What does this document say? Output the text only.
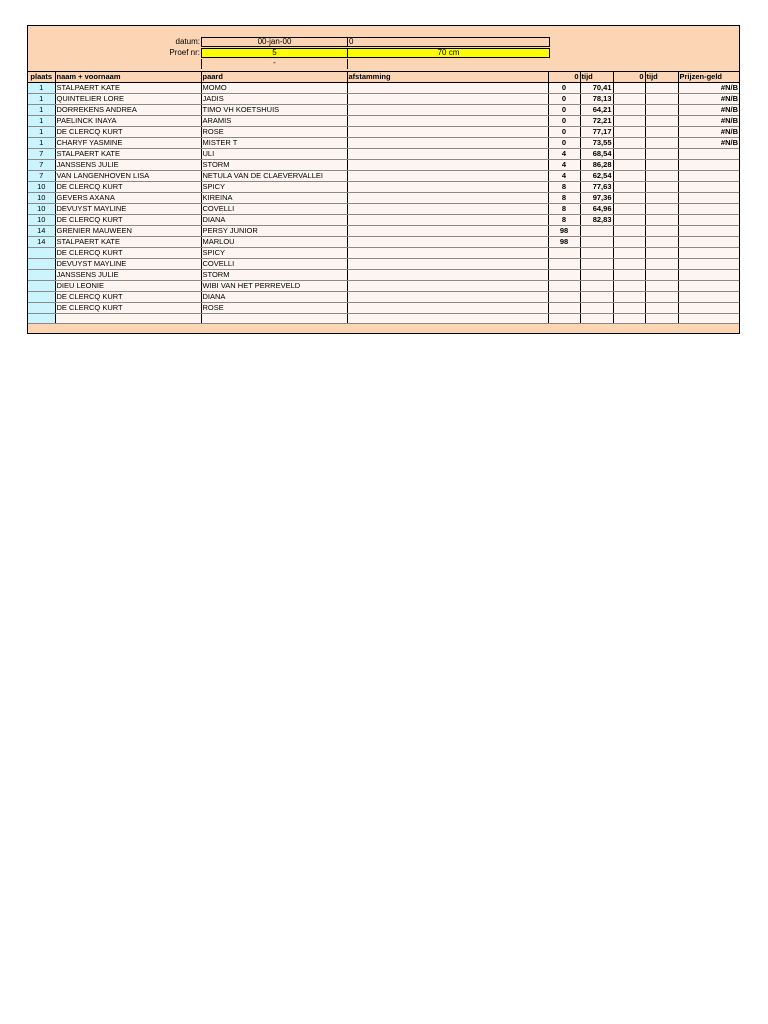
datum:	00-jan-00	0
Proef nr:	5	70 cm
-
plaats	naam + voornaam	paard	afstamming	0	tijd	0	tijd	Prijzen-geld
1	STALPAERT KATE	MOMO		0	70,41			#N/B
1	QUINTELIER LORE	JADIS		0	78,13			#N/B
1	DORREKENS ANDREA	TIMO VH KOETSHUIS		0	64,21			#N/B
1	PAELINCK INAYA	ARAMIS		0	72,21			#N/B
1	DE CLERCQ KURT	ROSE		0	77,17			#N/B
1	CHARYF YASMINE	MISTER T		0	73,55			#N/B
7	STALPAERT KATE	ULI		4	68,54			
7	JANSSENS JULIE	STORM		4	86,28			
7	VAN LANGENHOVEN LISA	NETULA VAN DE CLAEVERVALLEI		4	62,54			
10	DE CLERCQ KURT	SPICY		8	77,63			
10	GEVERS AXANA	KIREINA		8	97,36			
10	DEVUYST MAYLINE	COVELLI		8	64,96			
10	DE CLERCQ KURT	DIANA		8	82,83			
14	GRENIER MAUWEEN	PERSY JUNIOR		98				
14	STALPAERT KATE	MARLOU		98				
	DE CLERCQ KURT	SPICY						
	DEVUYST MAYLINE	COVELLI						
	JANSSENS JULIE	STORM						
	DIEU LEONIE	WIBI VAN HET PERREVELD						
	DE CLERCQ KURT	DIANA						
	DE CLERCQ KURT	ROSE						
